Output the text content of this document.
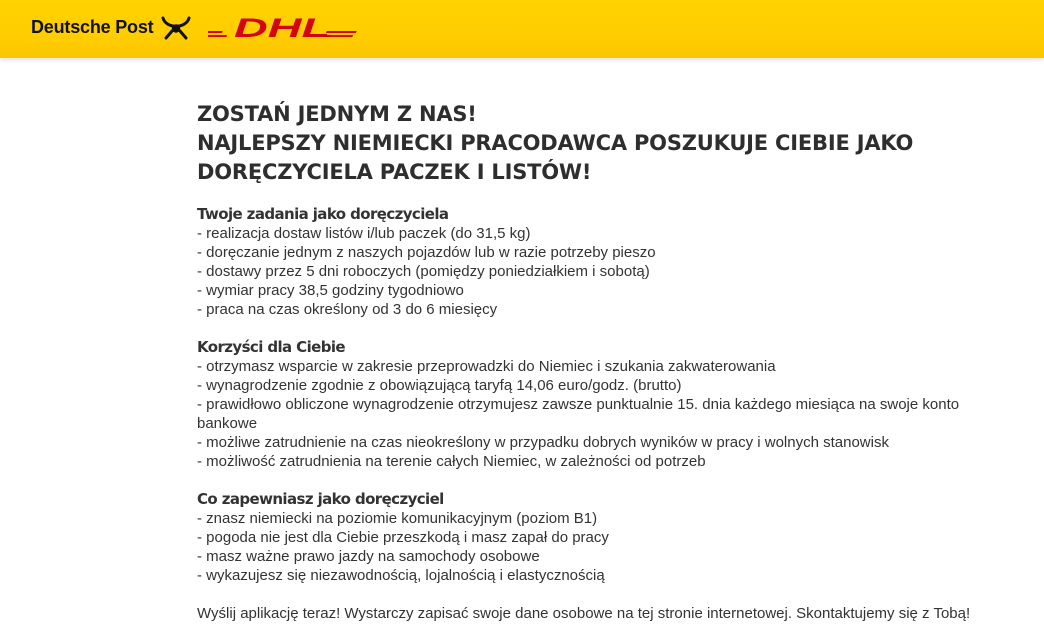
Deutsche Post	DHL
ZOSTAŃ JEDNYM Z NAS!
NAJLEPSZY NIEMIECKI PRACODAWCA POSZUKUJE CIEBIE JAKO DORĘCZYCIELA PACZEK I LISTÓW!
Twoje zadania jako doręczyciela
- realizacja dostaw listów i/lub paczek (do 31,5 kg)
- doręczanie jednym z naszych pojazdów lub w razie potrzeby pieszo
- dostawy przez 5 dni roboczych (pomiędzy poniedziałkiem i sobotą)
- wymiar pracy 38,5 godziny tygodniowo
- praca na czas określony od 3 do 6 miesięcy
Korzyści dla Ciebie
- otrzymasz wsparcie w zakresie przeprowadzki do Niemiec i szukania zakwaterowania
- wynagrodzenie zgodnie z obowiązującą taryfą 14,06 euro/godz. (brutto)
- prawidłowo obliczone wynagrodzenie otrzymujesz zawsze punktualnie 15. dnia każdego miesiąca na swoje konto bankowe
- możliwe zatrudnienie na czas nieokreślony w przypadku dobrych wyników w pracy i wolnych stanowisk
- możliwość zatrudnienia na terenie całych Niemiec, w zależności od potrzeb
Co zapewniasz jako doręczyciel
- znasz niemiecki na poziomie komunikacyjnym (poziom B1)
- pogoda nie jest dla Ciebie przeszkodą i masz zapał do pracy
- masz ważne prawo jazdy na samochody osobowe
- wykazujesz się niezawodnością, lojalnością i elastycznością

Wyślij aplikację teraz! Wystarczy zapisać swoje dane osobowe na tej stronie internetowej. Skontaktujemy się z Tobą!
